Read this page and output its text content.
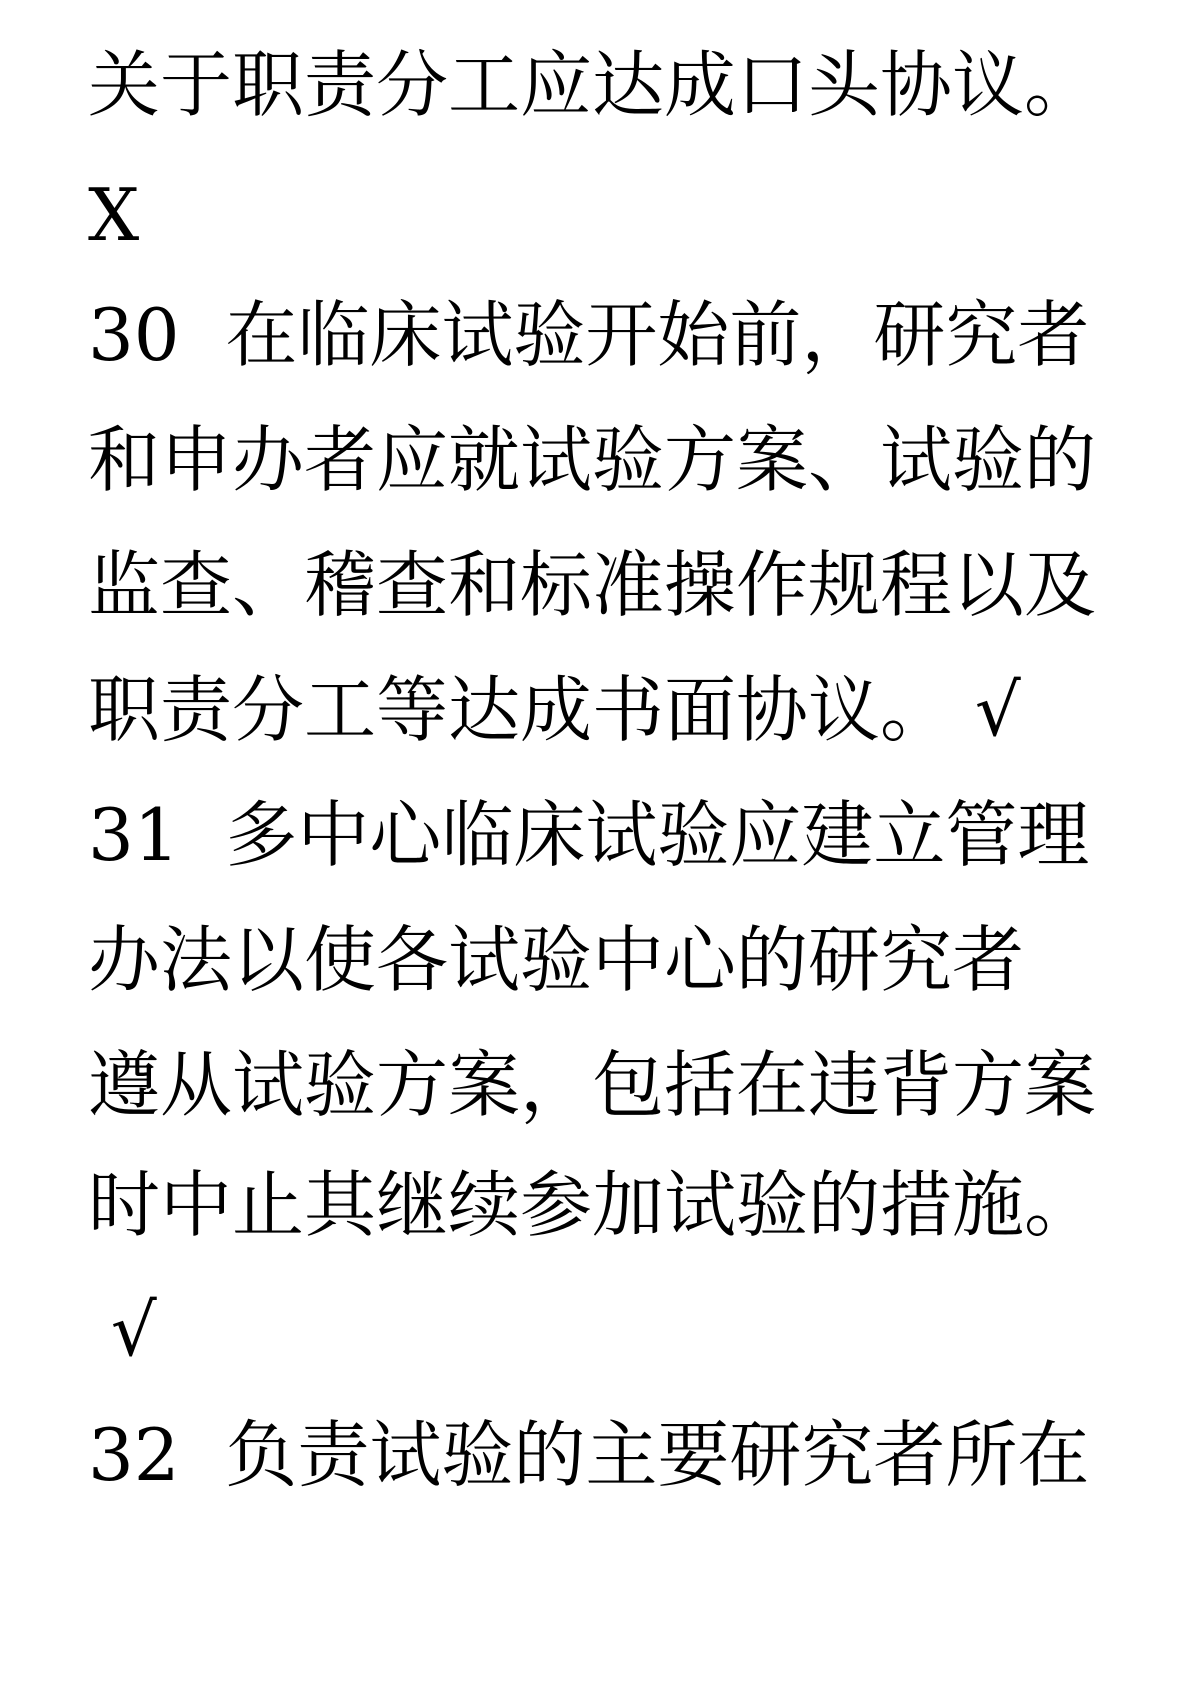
关于职责分工应达成口头协议。

X

30  在临床试验开始前，研究者

和申办者应就试验方案、试验的

监查、稽查和标准操作规程以及

职责分工等达成书面协议。 √

31  多中心临床试验应建立管理

办法以使各试验中心的研究者

遵从试验方案，包括在违背方案

时中止其继续参加试验的措施。

√

32  负责试验的主要研究者所在
